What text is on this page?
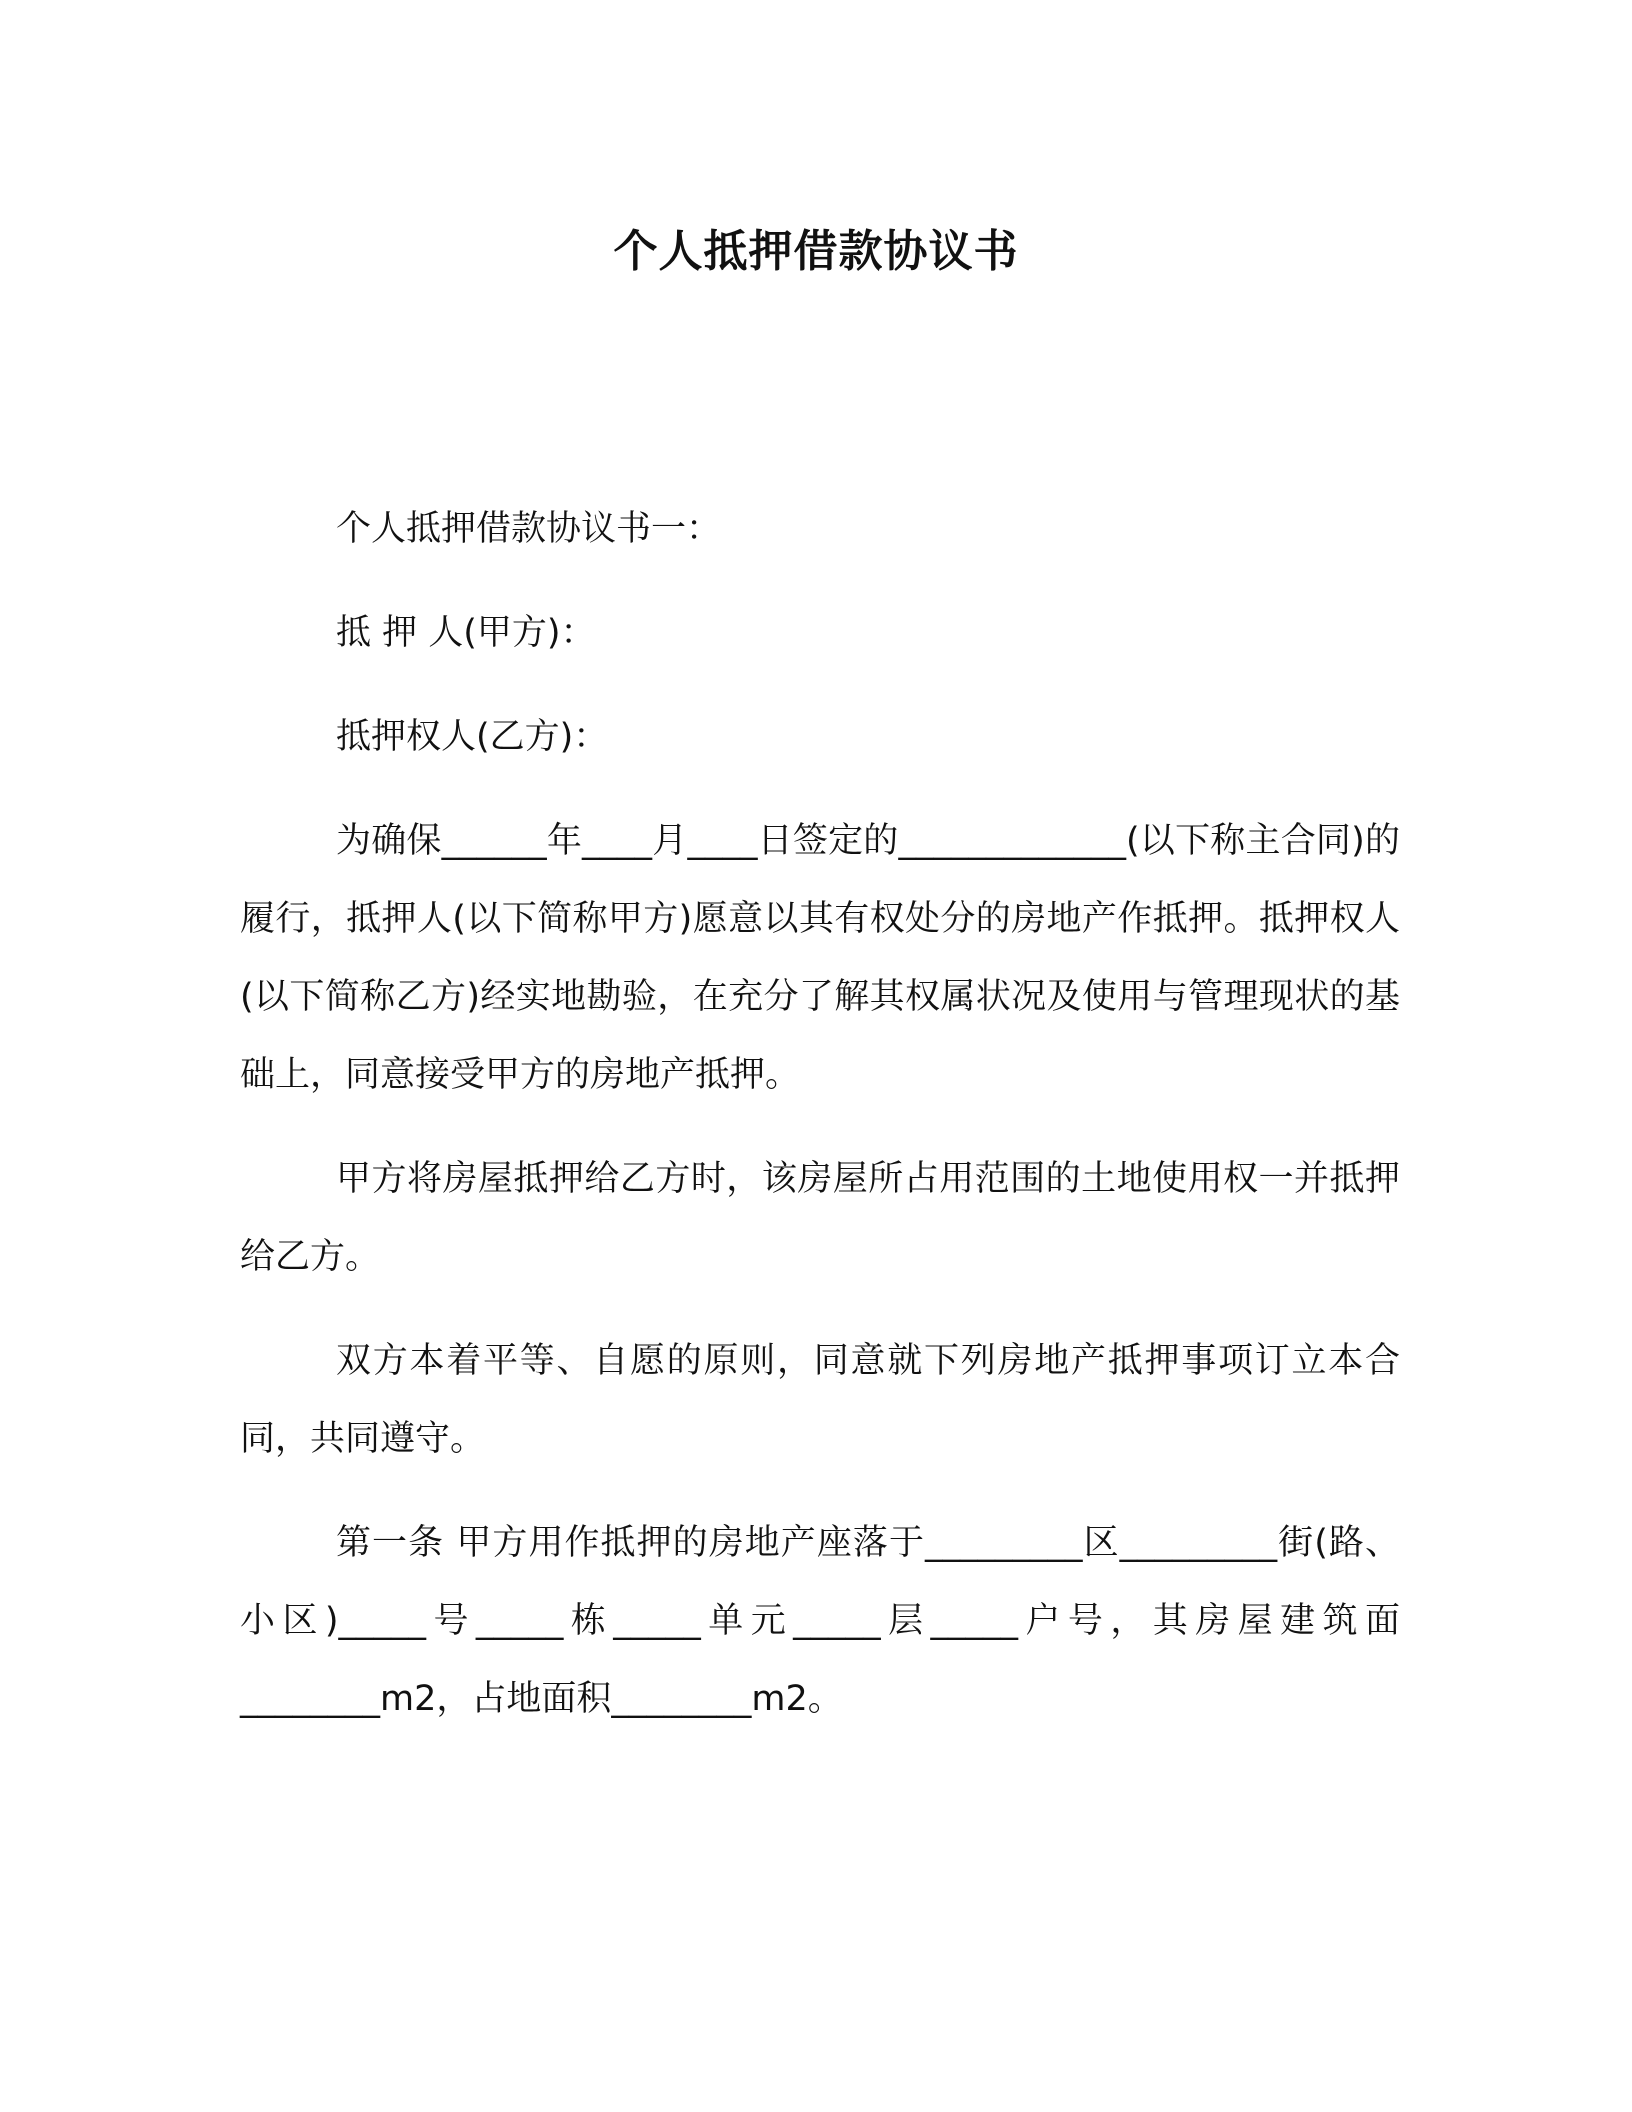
个人抵押借款协议书

个人抵押借款协议书一：

抵 押 人(甲方)：

抵押权人(乙方)：

为确保______年____月____日签定的_____________(以下称主合同)的履行，抵押人(以下简称甲方)愿意以其有权处分的房地产作抵押。抵押权人(以下简称乙方)经实地勘验，在充分了解其权属状况及使用与管理现状的基础上，同意接受甲方的房地产抵押。

甲方将房屋抵押给乙方时，该房屋所占用范围的土地使用权一并抵押给乙方。

双方本着平等、自愿的原则，同意就下列房地产抵押事项订立本合同，共同遵守。

第一条 甲方用作抵押的房地产座落于_________区_________街(路、小区)_____号_____栋_____单元_____层_____户号，其房屋建筑面________m2，占地面积________m2。
